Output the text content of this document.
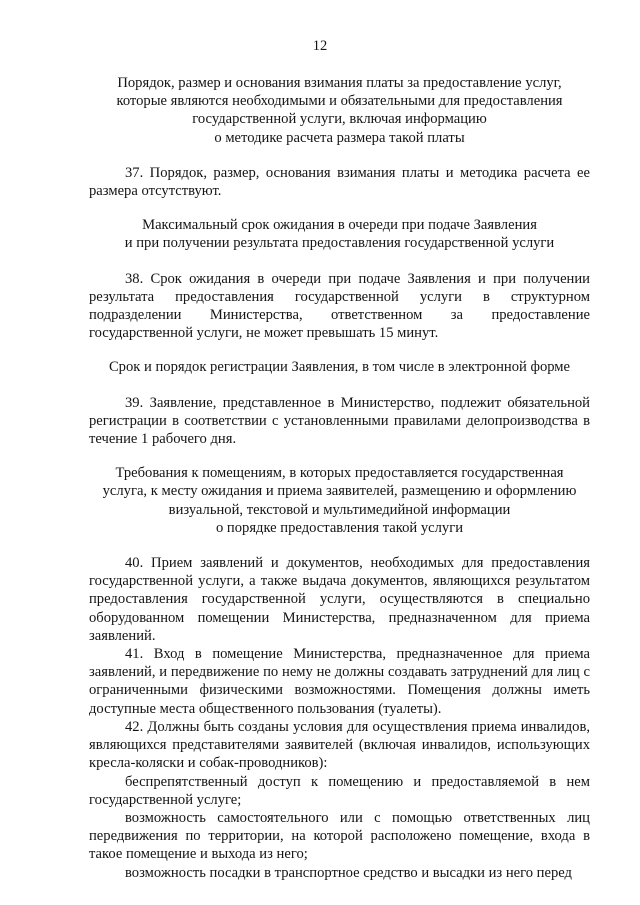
12
Порядок, размер и основания взимания платы за предоставление услуг,
которые являются необходимыми и обязательными для предоставления
государственной услуги, включая информацию
о методике расчета размера такой платы

37. Порядок, размер, основания взимания платы и методика расчета ее размера отсутствуют.

Максимальный срок ожидания в очереди при подаче Заявления
и при получении результата предоставления государственной услуги

38. Срок ожидания в очереди при подаче Заявления и при получении результата предоставления государственной услуги в структурном подразделении Министерства, ответственном за предоставление государственной услуги, не может превышать 15 минут.

Срок и порядок регистрации Заявления, в том числе в электронной форме

39. Заявление, представленное в Министерство, подлежит обязательной регистрации в соответствии с установленными правилами делопроизводства в течение 1 рабочего дня.

Требования к помещениям, в которых предоставляется государственная
услуга, к месту ожидания и приема заявителей, размещению и оформлению
визуальной, текстовой и мультимедийной информации
о порядке предоставления такой услуги

40. Прием заявлений и документов, необходимых для предоставления государственной услуги, а также выдача документов, являющихся результатом предоставления государственной услуги, осуществляются в специально оборудованном помещении Министерства, предназначенном для приема заявлений.

41. Вход в помещение Министерства, предназначенное для приема заявлений, и передвижение по нему не должны создавать затруднений для лиц с ограниченными физическими возможностями. Помещения должны иметь доступные места общественного пользования (туалеты).

42. Должны быть созданы условия для осуществления приема инвалидов, являющихся представителями заявителей (включая инвалидов, использующих кресла-коляски и собак-проводников):

беспрепятственный доступ к помещению и предоставляемой в нем государственной услуге;

возможность самостоятельного или с помощью ответственных лиц передвижения по территории, на которой расположено помещение, входа в такое помещение и выхода из него;

возможность посадки в транспортное средство и высадки из него перед
